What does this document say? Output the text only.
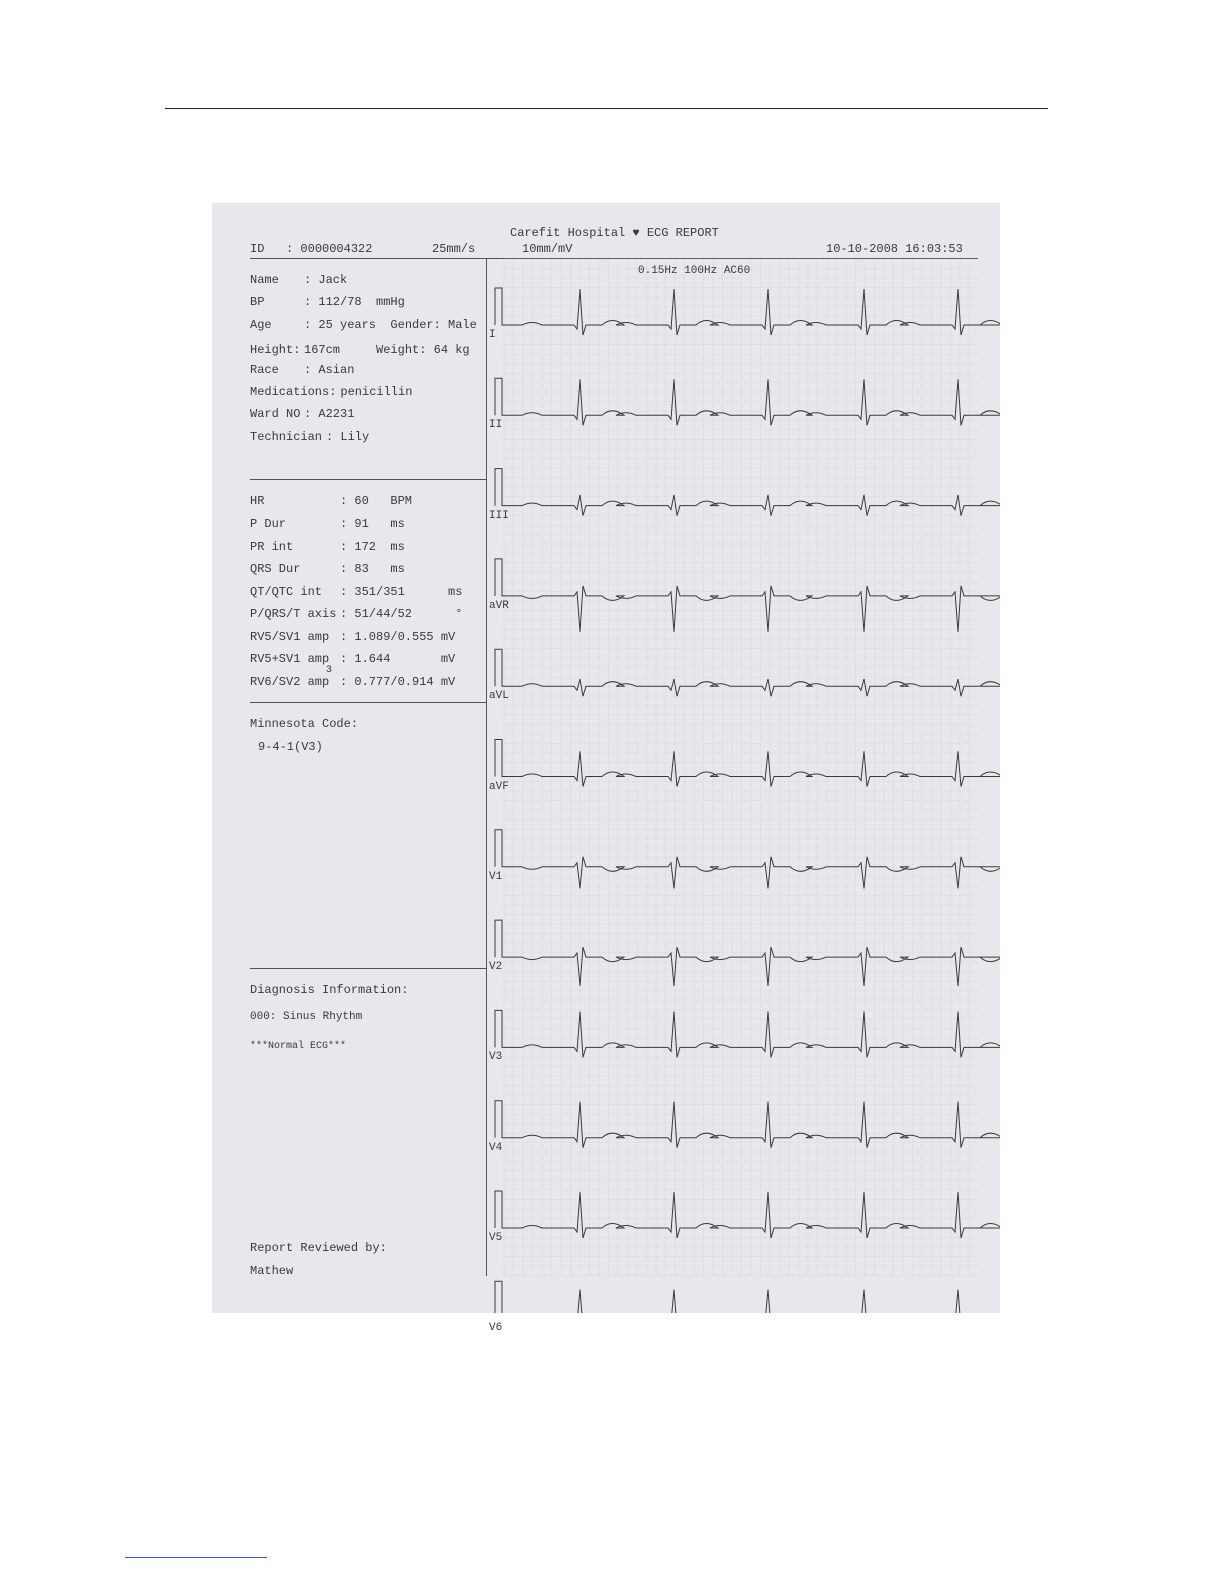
Carefit Hospital ♥ ECG REPORT
ID   : 0000004322	25mm/s	10mm/mV	10-10-2008 16:03:53
Name : Jack
BP	: 112/78  mmHg
Age	: 25 years  Gender: Male
Height: 167cm     Weight: 64 kg
Race : Asian
Medications: penicillin
Ward NO : A2231
Technician : Lily
HR	: 60   BPM
P Dur	: 91   ms
PR int	: 172  ms
QRS Dur	: 83   ms
QT/QTC int : 351/351      ms
P/QRS/T axis : 51/44/52      °
RV5/SV1 amp : 1.089/0.555 mV
RV5+SV1 amp : 1.644       mV
RV6/SV2 amp : 0.777/0.914 mV
3
Minnesota Code:
9-4-1(V3)
Diagnosis Information:
000: Sinus Rhythm
***Normal ECG***
Report Reviewed by:
Mathew
0.15Hz 100Hz AC60
I
II
III
aVR
aVL
aVF
V1
V2
V3
V4
V5
V6
